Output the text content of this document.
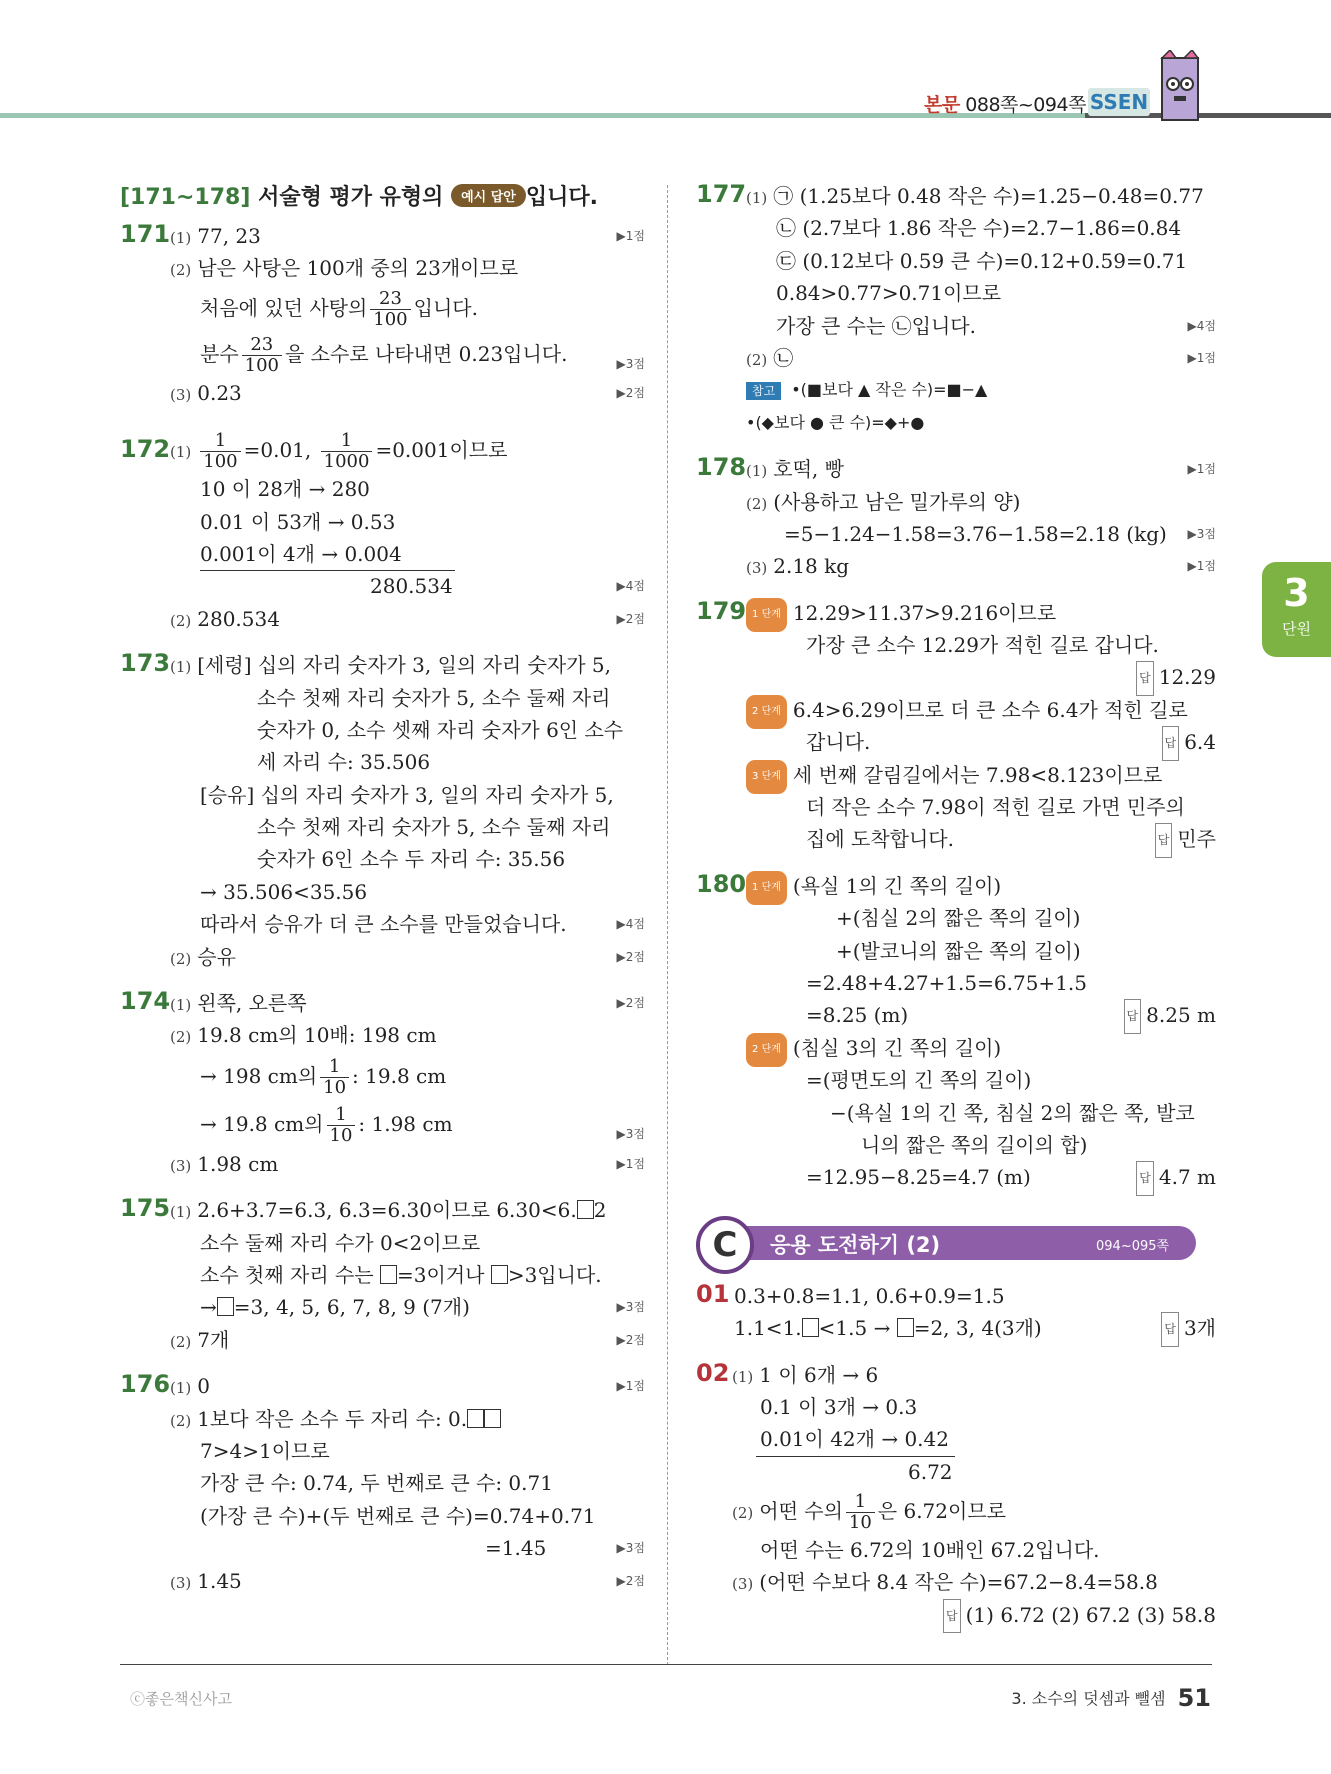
본문 088쪽~094쪽 SSEN
[171~178] 서술형 평가 유형의 예시 답안 입니다.
171 (1) 77, 23	▶1점
(2) 남은 사탕은 100개 중의 23개이므로
처음에 있던 사탕의 $\frac{23}{100}$ 입니다.
분수 $\frac{23}{100}$ 을 소수로 나타내면 0.23입니다.	▶3점
(3) 0.23	▶2점
172 $(1) \frac{1}{100} =0.01$, $\frac{1}{1000} =0.001$이므로
10 이 28개 → 280
0.01 이 53개 → 0.53
0.001이 4개 → 0.004
280.534	▶4점
(2) 280.534	▶2점
173 (1) [세령] 십의 자리 숫자가 3, 일의 자리 숫자가 5,
소수 첫째 자리 숫자가 5, 소수 둘째 자리
숫자가 0, 소수 셋째 자리 숫자가 6인 소수
세 자리 수: 35.506
[승유] 십의 자리 숫자가 3, 일의 자리 숫자가 5,
소수 첫째 자리 숫자가 5, 소수 둘째 자리
숫자가 6인 소수 두 자리 수: 35.56
→ 35.506<35.56
따라서 승유가 더 큰 소수를 만들었습니다.	▶4점
(2) 승유	▶2점
174 (1) 왼쪽, 오른쪽	▶2점
(2) 19.8 cm의 10배: 198 cm
→ 198 cm의 $\frac{1}{10}$ : 19.8 cm
→ 19.8 cm의 $\frac{1}{10}$ : 1.98 cm	▶3점
(3) 1.98 cm	▶1점
175 (1) 2.6+3.7=6.3, 6.3=6.30이므로 6.30<6. 2
소수 둘째 자리 수가 0<2이므로
소수 첫째 자리 수는 =3이거나 >3입니다.
→ =3, 4, 5, 6, 7, 8, 9 (7개)	▶3점
(2) 7개	▶2점
176 (1) 0	▶1점
(2) 1보다 작은 소수 두 자리 수: 0.
7>4>1이므로
가장 큰 수: 0.74, 두 번째로 큰 수: 0.71
(가장 큰 수)+(두 번째로 큰 수)=0.74+0.71
=1.45	▶3점
(3) 1.45	▶2점
177 (1) ㉠ (1.25보다 0.48 작은 수)=1.25−0.48=0.77
㉡ (2.7보다 1.86 작은 수)=2.7−1.86=0.84
㉢ (0.12보다 0.59 큰 수)=0.12+0.59=0.71
0.84>0.77>0.71이므로
가장 큰 수는 ㉡입니다.	▶4점
(2) ㉡	▶1점
참고 •(■보다 ▲ 작은 수)=■−▲
•(◆보다 ● 큰 수)=◆+●
178 (1) 호떡, 빵	▶1점
(2) (사용하고 남은 밀가루의 양)
=5−1.24−1.58=3.76−1.58=2.18 (kg) ▶3점
(3) 2.18 kg	▶1점
179 1 단계 12.29>11.37>9.216이므로
가장 큰 소수 12.29가 적힌 길로 갑니다.
답 12.29
2 단계 6.4>6.29이므로 더 큰 소수 6.4가 적힌 길로
갑니다.	답 6.4
3 단계 세 번째 갈림길에서는 7.98<8.123이므로
더 작은 소수 7.98이 적힌 길로 가면 민주의
집에 도착합니다.	답 민주
180 1 단계 (욕실 1의 긴 쪽의 길이)
+(침실 2의 짧은 쪽의 길이)
+(발코니의 짧은 쪽의 길이)
=2.48+4.27+1.5=6.75+1.5
=8.25 (m)	답 8.25 m
2 단계 (침실 3의 긴 쪽의 길이)
=(평면도의 긴 쪽의 길이)
−(욕실 1의 긴 쪽, 침실 2의 짧은 쪽, 발코
니의 짧은 쪽의 길이의 합)
=12.95−8.25=4.7 (m)	답 4.7 m
C	응용 도전하기 (2)	094~095쪽
01 0.3+0.8=1.1, 0.6+0.9=1.5
1.1<1. <1.5 → =2, 3, 4(3개)	답 3개
02 (1) 1 이 6개 → 6
0.1 이 3개 → 0.3
0.01이 42개 → 0.42
6.72
(2) 어떤 수의 $\frac{1}{10}$ 은 6.72이므로
어떤 수는 6.72의 10배인 67.2입니다.
(3) (어떤 수보다 8.4 작은 수)=67.2−8.4=58.8
답 (1) 6.72 (2) 67.2 (3) 58.8
3
단원
ⓒ좋은책신사고	3. 소수의 덧셈과 뺄셈 51
